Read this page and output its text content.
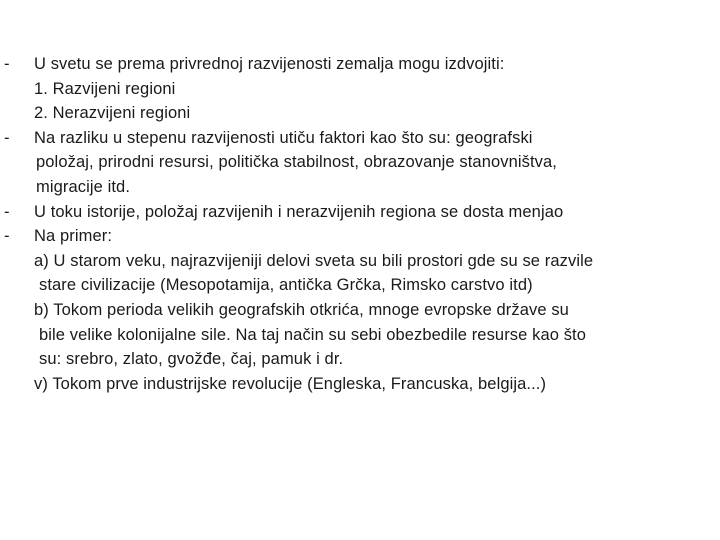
-	U svetu se prema privrednoj razvijenosti zemalja mogu izdvojiti:
1. Razvijeni regioni
2. Nerazvijeni regioni
-	Na razliku u stepenu razvijenosti utiču faktori kao što su: geografski
položaj, prirodni resursi, politička stabilnost, obrazovanje stanovništva,
migracije itd.
-	U toku istorije, položaj razvijenih i nerazvijenih regiona se dosta menjao
-	Na primer:
a) U starom veku, najrazvijeniji delovi sveta su bili prostori gde su se razvile
stare civilizacije (Mesopotamija, antička Grčka, Rimsko carstvo itd)
b) Tokom perioda velikih geografskih otkrića, mnoge evropske države su
bile velike kolonijalne sile. Na taj način su sebi obezbedile resurse kao što
su: srebro, zlato, gvožđe, čaj, pamuk i dr.
v) Tokom prve industrijske revolucije (Engleska, Francuska, belgija...)
